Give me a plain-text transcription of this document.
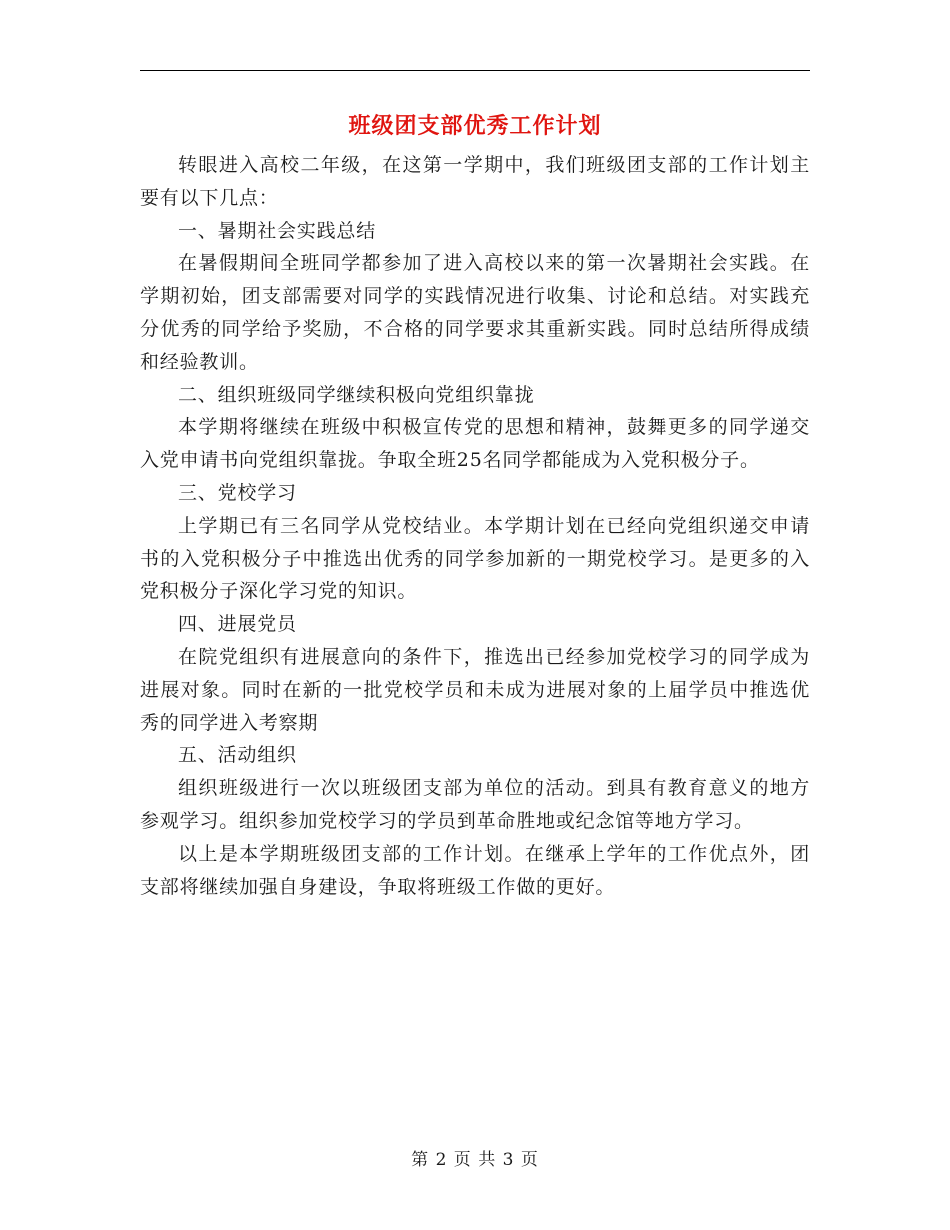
班级团支部优秀工作计划

转眼进入高校二年级，在这第一学期中，我们班级团支部的工作计划主要有以下几点：

一、暑期社会实践总结

在暑假期间全班同学都参加了进入高校以来的第一次暑期社会实践。在学期初始，团支部需要对同学的实践情况进行收集、讨论和总结。对实践充分优秀的同学给予奖励，不合格的同学要求其重新实践。同时总结所得成绩和经验教训。

二、组织班级同学继续积极向党组织靠拢

本学期将继续在班级中积极宣传党的思想和精神，鼓舞更多的同学递交入党申请书向党组织靠拢。争取全班25名同学都能成为入党积极分子。

三、党校学习

上学期已有三名同学从党校结业。本学期计划在已经向党组织递交申请书的入党积极分子中推选出优秀的同学参加新的一期党校学习。是更多的入党积极分子深化学习党的知识。

四、进展党员

在院党组织有进展意向的条件下，推选出已经参加党校学习的同学成为进展对象。同时在新的一批党校学员和未成为进展对象的上届学员中推选优秀的同学进入考察期

五、活动组织

组织班级进行一次以班级团支部为单位的活动。到具有教育意义的地方参观学习。组织参加党校学习的学员到革命胜地或纪念馆等地方学习。

以上是本学期班级团支部的工作计划。在继承上学年的工作优点外，团支部将继续加强自身建设，争取将班级工作做的更好。

第 2 页 共 3 页
